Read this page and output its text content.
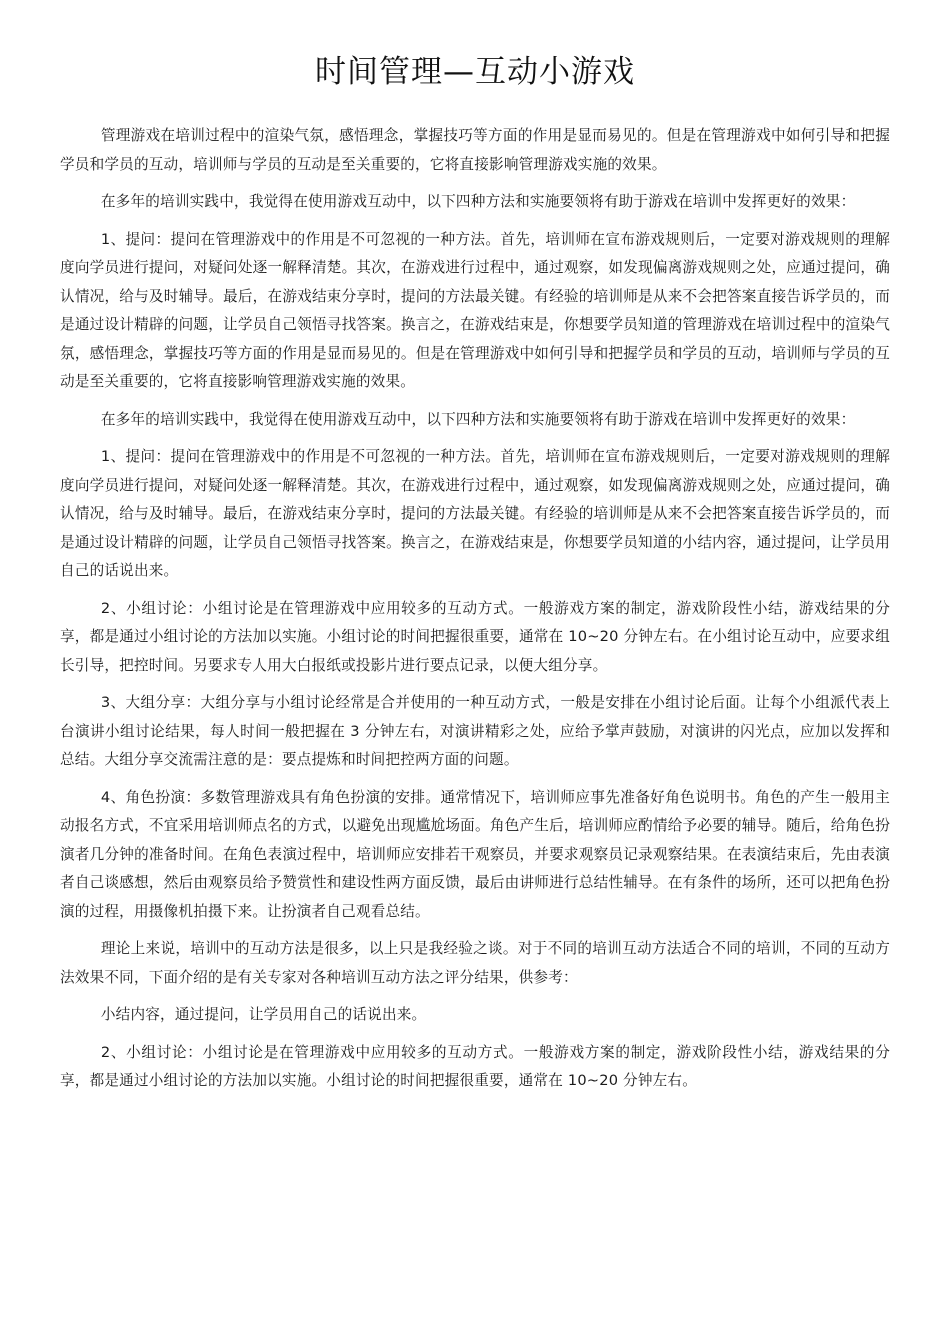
时间管理—互动小游戏

管理游戏在培训过程中的渲染气氛，感悟理念，掌握技巧等方面的作用是显而易见的。但是在管理游戏中如何引导和把握学员和学员的互动，培训师与学员的互动是至关重要的，它将直接影响管理游戏实施的效果。

在多年的培训实践中，我觉得在使用游戏互动中，以下四种方法和实施要领将有助于游戏在培训中发挥更好的效果：

1、提问：提问在管理游戏中的作用是不可忽视的一种方法。首先，培训师在宣布游戏规则后，一定要对游戏规则的理解度向学员进行提问，对疑问处逐一解释清楚。其次，在游戏进行过程中，通过观察，如发现偏离游戏规则之处，应通过提问，确认情况，给与及时辅导。最后，在游戏结束分享时，提问的方法最关键。有经验的培训师是从来不会把答案直接告诉学员的，而是通过设计精辟的问题，让学员自己领悟寻找答案。换言之，在游戏结束是，你想要学员知道的管理游戏在培训过程中的渲染气氛，感悟理念，掌握技巧等方面的作用是显而易见的。但是在管理游戏中如何引导和把握学员和学员的互动，培训师与学员的互动是至关重要的，它将直接影响管理游戏实施的效果。

在多年的培训实践中，我觉得在使用游戏互动中，以下四种方法和实施要领将有助于游戏在培训中发挥更好的效果：

1、提问：提问在管理游戏中的作用是不可忽视的一种方法。首先，培训师在宣布游戏规则后，一定要对游戏规则的理解度向学员进行提问，对疑问处逐一解释清楚。其次，在游戏进行过程中，通过观察，如发现偏离游戏规则之处，应通过提问，确认情况，给与及时辅导。最后，在游戏结束分享时，提问的方法最关键。有经验的培训师是从来不会把答案直接告诉学员的，而是通过设计精辟的问题，让学员自己领悟寻找答案。换言之，在游戏结束是，你想要学员知道的小结内容，通过提问，让学员用自己的话说出来。

2、小组讨论：小组讨论是在管理游戏中应用较多的互动方式。一般游戏方案的制定，游戏阶段性小结，游戏结果的分享，都是通过小组讨论的方法加以实施。小组讨论的时间把握很重要，通常在 10~20 分钟左右。在小组讨论互动中，应要求组长引导，把控时间。另要求专人用大白报纸或投影片进行要点记录，以便大组分享。

3、大组分享：大组分享与小组讨论经常是合并使用的一种互动方式，一般是安排在小组讨论后面。让每个小组派代表上台演讲小组讨论结果，每人时间一般把握在 3 分钟左右，对演讲精彩之处，应给予掌声鼓励，对演讲的闪光点，应加以发挥和总结。大组分享交流需注意的是：要点提炼和时间把控两方面的问题。

4、角色扮演：多数管理游戏具有角色扮演的安排。通常情况下，培训师应事先准备好角色说明书。角色的产生一般用主动报名方式，不宜采用培训师点名的方式，以避免出现尴尬场面。角色产生后，培训师应酌情给予必要的辅导。随后，给角色扮演者几分钟的准备时间。在角色表演过程中，培训师应安排若干观察员，并要求观察员记录观察结果。在表演结束后，先由表演者自己谈感想，然后由观察员给予赞赏性和建设性两方面反馈，最后由讲师进行总结性辅导。在有条件的场所，还可以把角色扮演的过程，用摄像机拍摄下来。让扮演者自己观看总结。

理论上来说，培训中的互动方法是很多，以上只是我经验之谈。对于不同的培训互动方法适合不同的培训，不同的互动方法效果不同，下面介绍的是有关专家对各种培训互动方法之评分结果，供参考：

小结内容，通过提问，让学员用自己的话说出来。

2、小组讨论：小组讨论是在管理游戏中应用较多的互动方式。一般游戏方案的制定，游戏阶段性小结，游戏结果的分享，都是通过小组讨论的方法加以实施。小组讨论的时间把握很重要，通常在 10~20 分钟左右。
